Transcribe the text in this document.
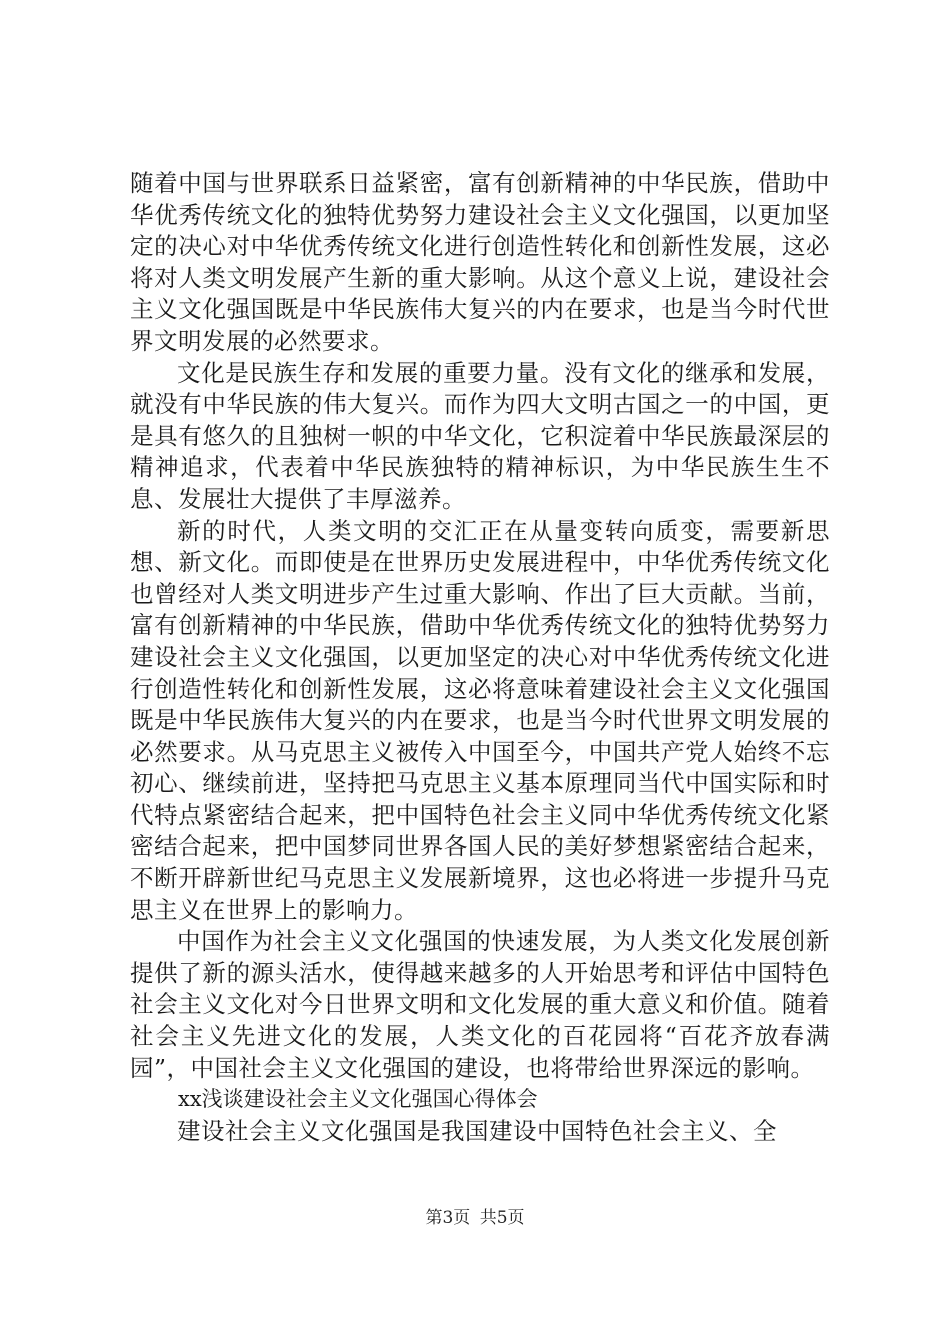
随着中国与世界联系日益紧密，富有创新精神的中华民族，借助中华优秀传统文化的独特优势努力建设社会主义文化强国，以更加坚定的决心对中华优秀传统文化进行创造性转化和创新性发展，这必将对人类文明发展产生新的重大影响。从这个意义上说，建设社会主义文化强国既是中华民族伟大复兴的内在要求，也是当今时代世界文明发展的必然要求。

文化是民族生存和发展的重要力量。没有文化的继承和发展，就没有中华民族的伟大复兴。而作为四大文明古国之一的中国，更是具有悠久的且独树一帜的中华文化，它积淀着中华民族最深层的精神追求，代表着中华民族独特的精神标识，为中华民族生生不息、发展壮大提供了丰厚滋养。

新的时代，人类文明的交汇正在从量变转向质变，需要新思想、新文化。而即使是在世界历史发展进程中，中华优秀传统文化也曾经对人类文明进步产生过重大影响、作出了巨大贡献。当前，富有创新精神的中华民族，借助中华优秀传统文化的独特优势努力建设社会主义文化强国，以更加坚定的决心对中华优秀传统文化进行创造性转化和创新性发展，这必将意味着建设社会主义文化强国既是中华民族伟大复兴的内在要求，也是当今时代世界文明发展的必然要求。从马克思主义被传入中国至今，中国共产党人始终不忘初心、继续前进，坚持把马克思主义基本原理同当代中国实际和时代特点紧密结合起来，把中国特色社会主义同中华优秀传统文化紧密结合起来，把中国梦同世界各国人民的美好梦想紧密结合起来，不断开辟新世纪马克思主义发展新境界，这也必将进一步提升马克思主义在世界上的影响力。

中国作为社会主义文化强国的快速发展，为人类文化发展创新提供了新的源头活水，使得越来越多的人开始思考和评估中国特色社会主义文化对今日世界文明和文化发展的重大意义和价值。随着社会主义先进文化的发展，人类文化的百花园将“百花齐放春满园”，中国社会主义文化强国的建设，也将带给世界深远的影响。

xx浅谈建设社会主义文化强国心得体会

建设社会主义文化强国是我国建设中国特色社会主义、全

第3页 共5页
